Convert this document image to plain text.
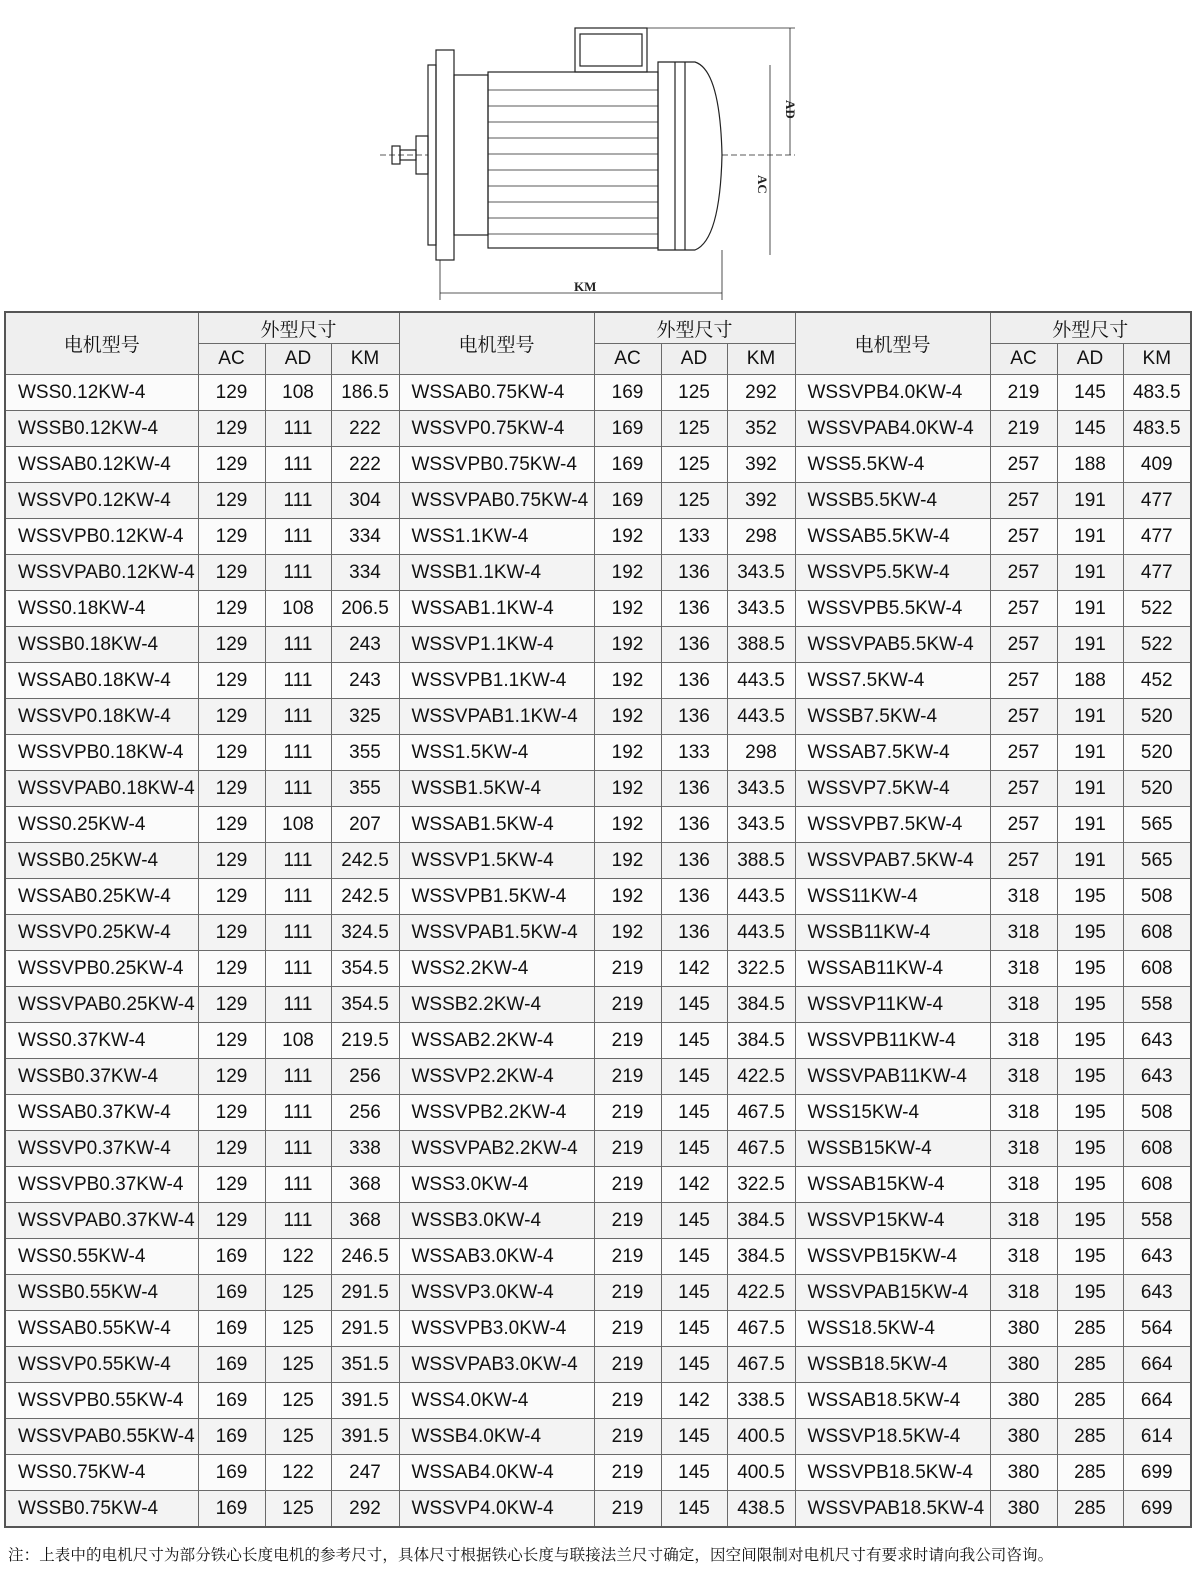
AD
AC
KM
电机型号	外型尺寸			电机型号	外型尺寸			电机型号	外型尺寸		
	AC	AD	KM		AC	AD	KM		AC	AD	KM
WSS0.12KW-4	129	108	186.5	WSSAB0.75KW-4	169	125	292	WSSVPB4.0KW-4	219	145	483.5
WSSB0.12KW-4	129	111	222	WSSVP0.75KW-4	169	125	352	WSSVPAB4.0KW-4	219	145	483.5
WSSAB0.12KW-4	129	111	222	WSSVPB0.75KW-4	169	125	392	WSS5.5KW-4	257	188	409
WSSVP0.12KW-4	129	111	304	WSSVPAB0.75KW-4	169	125	392	WSSB5.5KW-4	257	191	477
WSSVPB0.12KW-4	129	111	334	WSS1.1KW-4	192	133	298	WSSAB5.5KW-4	257	191	477
WSSVPAB0.12KW-4	129	111	334	WSSB1.1KW-4	192	136	343.5	WSSVP5.5KW-4	257	191	477
WSS0.18KW-4	129	108	206.5	WSSAB1.1KW-4	192	136	343.5	WSSVPB5.5KW-4	257	191	522
WSSB0.18KW-4	129	111	243	WSSVP1.1KW-4	192	136	388.5	WSSVPAB5.5KW-4	257	191	522
WSSAB0.18KW-4	129	111	243	WSSVPB1.1KW-4	192	136	443.5	WSS7.5KW-4	257	188	452
WSSVP0.18KW-4	129	111	325	WSSVPAB1.1KW-4	192	136	443.5	WSSB7.5KW-4	257	191	520
WSSVPB0.18KW-4	129	111	355	WSS1.5KW-4	192	133	298	WSSAB7.5KW-4	257	191	520
WSSVPAB0.18KW-4	129	111	355	WSSB1.5KW-4	192	136	343.5	WSSVP7.5KW-4	257	191	520
WSS0.25KW-4	129	108	207	WSSAB1.5KW-4	192	136	343.5	WSSVPB7.5KW-4	257	191	565
WSSB0.25KW-4	129	111	242.5	WSSVP1.5KW-4	192	136	388.5	WSSVPAB7.5KW-4	257	191	565
WSSAB0.25KW-4	129	111	242.5	WSSVPB1.5KW-4	192	136	443.5	WSS11KW-4	318	195	508
WSSVP0.25KW-4	129	111	324.5	WSSVPAB1.5KW-4	192	136	443.5	WSSB11KW-4	318	195	608
WSSVPB0.25KW-4	129	111	354.5	WSS2.2KW-4	219	142	322.5	WSSAB11KW-4	318	195	608
WSSVPAB0.25KW-4	129	111	354.5	WSSB2.2KW-4	219	145	384.5	WSSVP11KW-4	318	195	558
WSS0.37KW-4	129	108	219.5	WSSAB2.2KW-4	219	145	384.5	WSSVPB11KW-4	318	195	643
WSSB0.37KW-4	129	111	256	WSSVP2.2KW-4	219	145	422.5	WSSVPAB11KW-4	318	195	643
WSSAB0.37KW-4	129	111	256	WSSVPB2.2KW-4	219	145	467.5	WSS15KW-4	318	195	508
WSSVP0.37KW-4	129	111	338	WSSVPAB2.2KW-4	219	145	467.5	WSSB15KW-4	318	195	608
WSSVPB0.37KW-4	129	111	368	WSS3.0KW-4	219	142	322.5	WSSAB15KW-4	318	195	608
WSSVPAB0.37KW-4	129	111	368	WSSB3.0KW-4	219	145	384.5	WSSVP15KW-4	318	195	558
WSS0.55KW-4	169	122	246.5	WSSAB3.0KW-4	219	145	384.5	WSSVPB15KW-4	318	195	643
WSSB0.55KW-4	169	125	291.5	WSSVP3.0KW-4	219	145	422.5	WSSVPAB15KW-4	318	195	643
WSSAB0.55KW-4	169	125	291.5	WSSVPB3.0KW-4	219	145	467.5	WSS18.5KW-4	380	285	564
WSSVP0.55KW-4	169	125	351.5	WSSVPAB3.0KW-4	219	145	467.5	WSSB18.5KW-4	380	285	664
WSSVPB0.55KW-4	169	125	391.5	WSS4.0KW-4	219	142	338.5	WSSAB18.5KW-4	380	285	664
WSSVPAB0.55KW-4	169	125	391.5	WSSB4.0KW-4	219	145	400.5	WSSVP18.5KW-4	380	285	614
WSS0.75KW-4	169	122	247	WSSAB4.0KW-4	219	145	400.5	WSSVPB18.5KW-4	380	285	699
WSSB0.75KW-4	169	125	292	WSSVP4.0KW-4	219	145	438.5	WSSVPAB18.5KW-4	380	285	699
注：上表中的电机尺寸为部分铁心长度电机的参考尺寸，具体尺寸根据铁心长度与联接法兰尺寸确定，因空间限制对电机尺寸有要求时请向我公司咨询。
